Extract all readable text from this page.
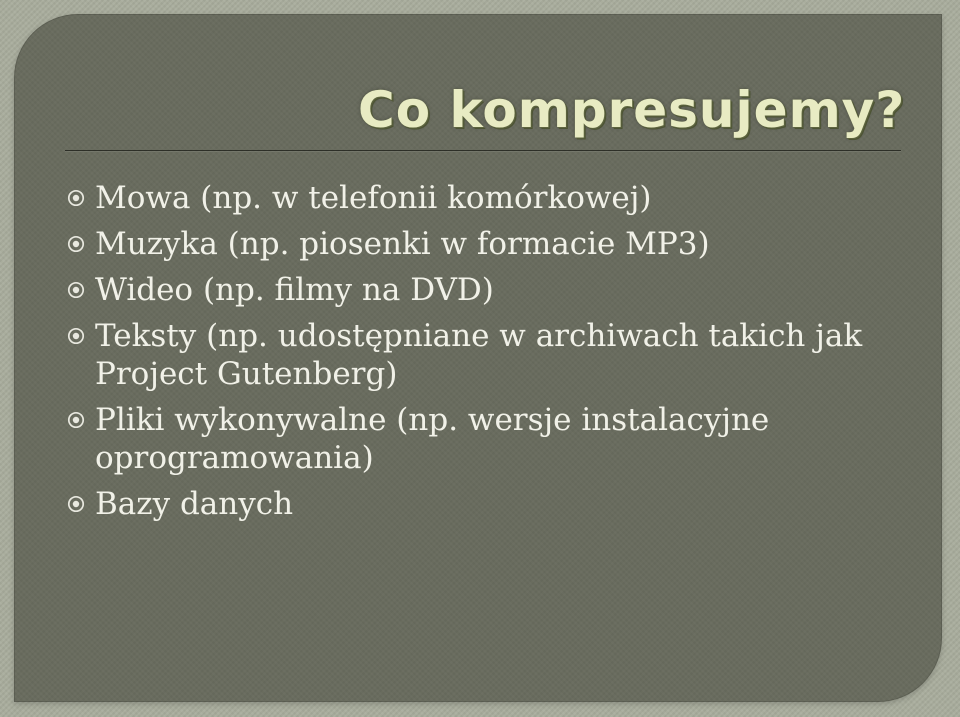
Co kompresujemy?
Mowa (np. w telefonii komórkowej)
Muzyka (np. piosenki w formacie MP3)
Wideo (np. filmy na DVD)
Teksty (np. udostępniane w archiwach takich jak Project Gutenberg)
Pliki wykonywalne (np. wersje instalacyjne oprogramowania)
Bazy danych
